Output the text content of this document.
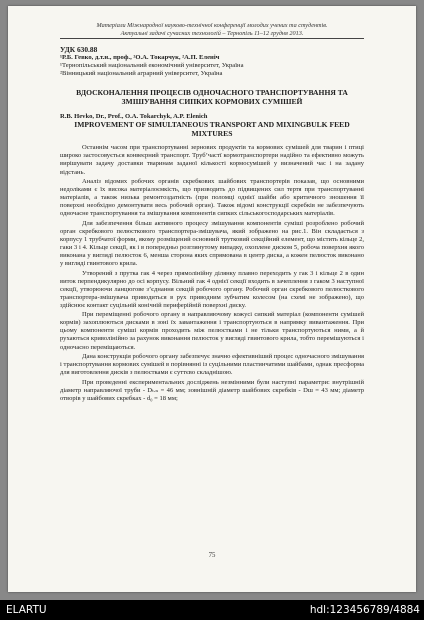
Матеріали Міжнародної науково-технічної конференції молодих учених та студентів.
Актуальні задачі сучасних технологій – Тернопіль 11–12 грудня 2013.
УДК 630.88
¹Р.Б. Гевко, д.т.н., проф., ²О.А. Токарчук, ²А.П. Еленіч
¹Тернопільський національний економічний університет, Україна
²Вінницький національний аграрний університет, Україна
ВДОСКОНАЛЕННЯ ПРОЦЕСІВ ОДНОЧАСНОГО ТРАНСПОРТУВАННЯ ТА ЗМІШУВАННЯ СИПКИХ КОРМОВИХ СУМІШЕЙ
R.B. Hevko, Dr., Prof., O.A. Tokarchyk, A.P. Elenich
IMPROVEMENT OF SIMULTANEOUS TRANSPORT AND MIXINGBULK FEED MIXTURES

Останнім часом при транспортуванні зернових продуктів та кормових сумішей для тварин і птиці широко застосовується конвеєрний транспорт. Труб’частї кормотранспортери надійно та ефективно можуть вирішувати задачу доставки тваринам заданої кількості кормосумішей у визначений час і на задану відстань.

Аналіз відомих робочих органів скребкових шайбових транспортерів показав, що основними недоліками є їх висока матеріалоємкість, що призводить до підвищених сил тертя при транспортуванні матеріалів, а також низька ремонтоздатність (при поломці однієї шайби або критичного зношення її поверхні необхідно демонтувати весь робочий орган). Також відомі конструкції скребків не забезпечують одночасне транспортування та змішування компонентів сипких сільськогосподарських матеріалів.

Для забезпечення більш активного процесу змішування компонентів суміші розроблено робочий орган скребкового пелюсткового транспортера-змішувача, який зображено на рис.1. Він складається з корпусу 1 трубчатої форми, якому розміщений основний трутковий секційний елемент, що містить кільце 2, гаки 3 і 4. Кільце секції, як і в попередньо розглянутому випадку, охоплене диском 5, робоча поверхня якого виконана у вигляді пелюсток 6, менша сторона яких спрямована в центр диска, а кожен пелюсток виконано у вигляді гвинтового крила.

Утворений з прутка гак 4 через прямолінійну ділянку плавно переходить у гак 3 і кільце 2 в один виток перпендикулярно до осі корпусу. Вільний гак 4 однієї секції входить в зачеплення з гаком 3 наступної секції, утворюючи ланцюгове з’єднання секцій робочого органу. Робочий орган скребкового пелюсткового транспортера-змішувача приводиться в рух приводним зубчатим колесом (на схемі не зображено), що здійснює контакт суцільній конічній периферійній поверхні диску.

При переміщенні робочого органу в направляючому кожусі сипкий матеріал (компоненти сумішей кормів) захоплюються дисками в зоні їх завантаження і транспортуються в напрямку вивантаження. При цьому компоненти суміші кормів проходить між пелюстками і не тільки транспортуються ними, а й рухаються криволінійно за рахунок виконання пелюсток у вигляді гвинтового крила, тобто перемішуються і одночасно переміщаються.

Дана конструкція робочого органу забезпечує значно ефективніший процес одночасного змішування і транспортування кормових сумішей в порівнянні із суцільними пластинчатими шайбами, однак пресформа для виготовлення дисків з пелюстками є суттєво складнішою.

При проведенні експериментальних досліджень незмінними були наступні параметри: внутрішній діаметр направляючої труби - Dₜ.ₙ = 46 мм; зовнішній діаметр шайбових скребків - Dш = 43 мм; діаметр отворів у шайбових скребках - d₀ = 18 мм;

75
ELARTU	hdl:123456789/4884
